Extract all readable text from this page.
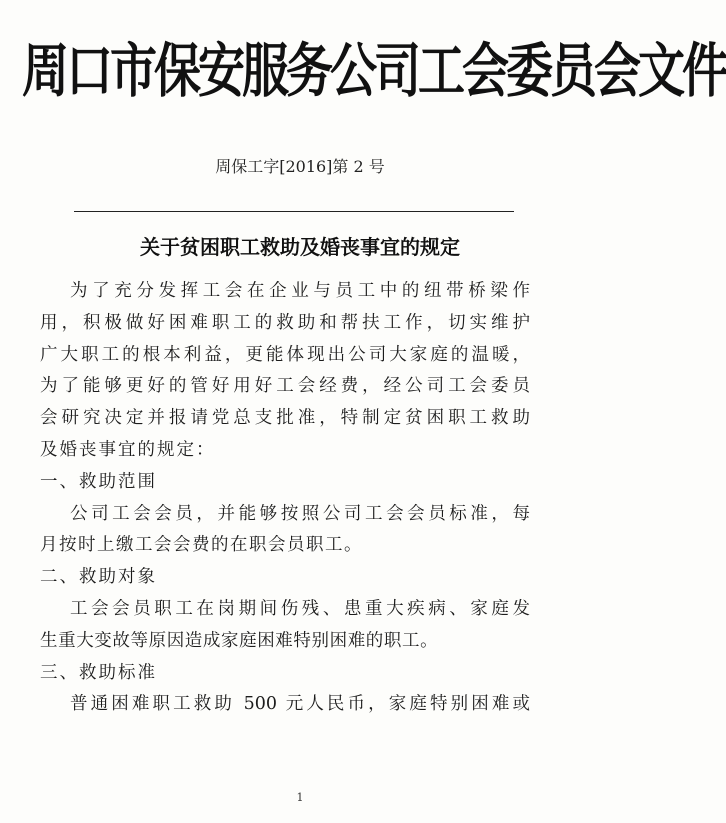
周口市保安服务公司工会委员会文件
周保工字[2016]第 2 号
关于贫困职工救助及婚丧事宜的规定
为了充分发挥工会在企业与员工中的纽带桥梁作
用，积极做好困难职工的救助和帮扶工作，切实维护
广大职工的根本利益，更能体现出公司大家庭的温暖，
为了能够更好的管好用好工会经费，经公司工会委员
会研究决定并报请党总支批准，特制定贫困职工救助
及婚丧事宜的规定：
一、救助范围
公司工会会员，并能够按照公司工会会员标准，每
月按时上缴工会会费的在职会员职工。
二、救助对象
工会会员职工在岗期间伤残、患重大疾病、家庭发
生重大变故等原因造成家庭困难特别困难的职工。
三、救助标准
普通困难职工救助 500 元人民币，家庭特别困难或
1
